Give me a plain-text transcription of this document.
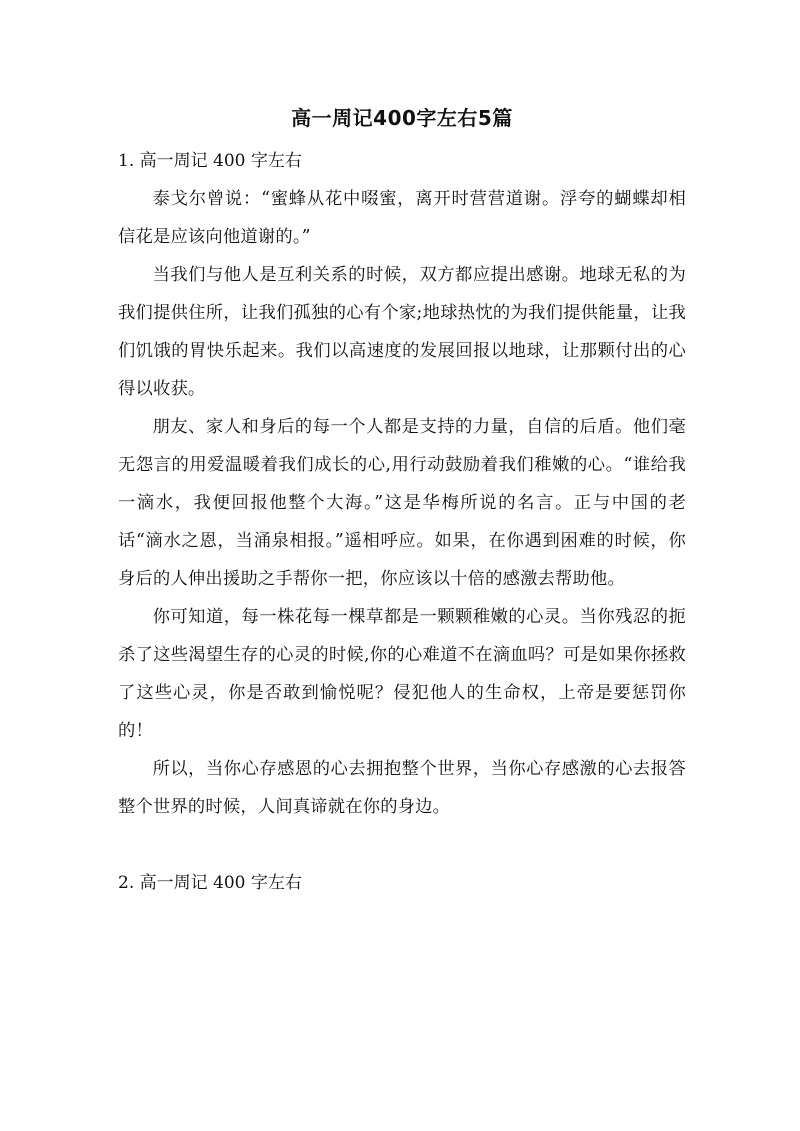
高一周记400字左右5篇

1. 高一周记 400 字左右

泰戈尔曾说：“蜜蜂从花中啜蜜，离开时营营道谢。浮夸的蝴蝶却相信花是应该向他道谢的。”

当我们与他人是互利关系的时候，双方都应提出感谢。地球无私的为我们提供住所，让我们孤独的心有个家;地球热忱的为我们提供能量，让我们饥饿的胃快乐起来。我们以高速度的发展回报以地球，让那颗付出的心得以收获。

朋友、家人和身后的每一个人都是支持的力量，自信的后盾。他们毫无怨言的用爱温暖着我们成长的心,用行动鼓励着我们稚嫩的心。“谁给我一滴水，我便回报他整个大海。”这是华梅所说的名言。正与中国的老话“滴水之恩，当涌泉相报。”遥相呼应。如果，在你遇到困难的时候，你身后的人伸出援助之手帮你一把，你应该以十倍的感激去帮助他。

你可知道，每一株花每一棵草都是一颗颗稚嫩的心灵。当你残忍的扼杀了这些渴望生存的心灵的时候,你的心难道不在滴血吗？可是如果你拯救了这些心灵，你是否敢到愉悦呢？侵犯他人的生命权，上帝是要惩罚你的！

所以，当你心存感恩的心去拥抱整个世界，当你心存感激的心去报答整个世界的时候，人间真谛就在你的身边。

2. 高一周记 400 字左右
